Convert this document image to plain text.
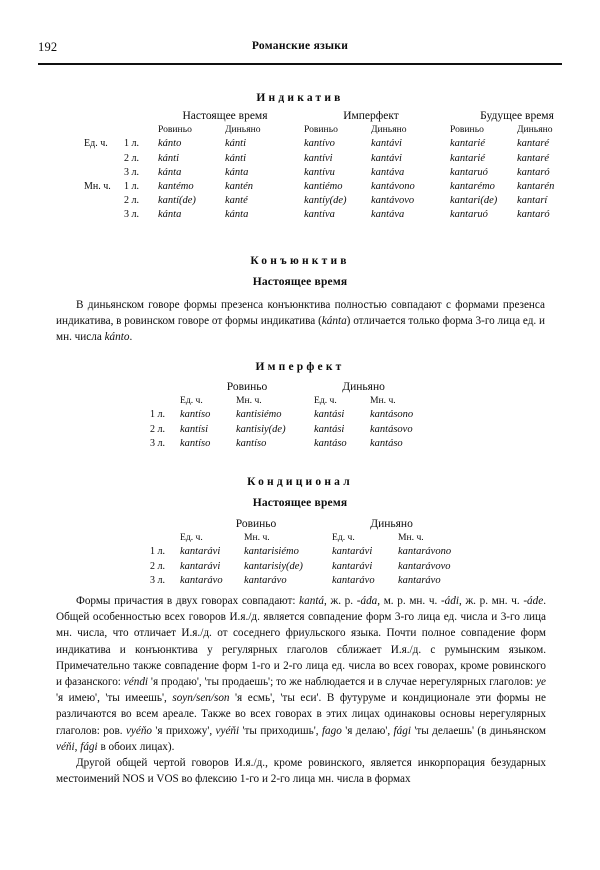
192	Романские языки
Индикатив
		Настоящее время			Имперфект			Будущее время	
		Ровиньо	Диньяно		Ровиньо	Диньяно		Ровиньо	Диньяно
Ед. ч.	1 л.	kánto	kánti		kantívo	kantávi		kantarié	kantaré
	2 л.	kánti	kánti		kantívi	kantávi		kantarié	kantaré
	3 л.	kánta	kánta		kantívu	kantáva		kantaruó	kantaró
Мн. ч.	1 л.	kantémo	kantén		kantiémo	kantávono		kantarémo	kantarén
	2 л.	kantí(de)	kanté		kantíy(de)	kantávovo		kantari(de)	kantarí
	3 л.	kánta	kánta		kantíva	kantáva		kantaruó	kantaró
Конъюнктив
Настоящее время
В диньянском говоре формы презенса конъюнктива полностью совпадают с формами презенса индикатива, в ровинском говоре от формы индикатива (kánta) отличается только форма 3-го лица ед. и мн. числа kánto.
Имперфект
	Ровиньо		Диньяно	
	Ед. ч.	Мн. ч.	Ед. ч.	Мн. ч.
1 л.	kantíso	kantisiémo	kantási	kantásono
2 л.	kantísi	kantisiy(de)	kantási	kantásovo
3 л.	kantíso	kantíso	kantáso	kantáso
Кондиционал
Настоящее время
	Ровиньо		Диньяно	
	Ед. ч.	Мн. ч.	Ед. ч.	Мн. ч.
1 л.	kantarávi	kantarisiémo	kantarávi	kantarávono
2 л.	kantarávi	kantarisiy(de)	kantarávi	kantarávovo
3 л.	kantarávo	kantarávo	kantarávo	kantarávo

Формы причастия в двух говорах совпадают: kantá, ж. р. -áda, м. р. мн. ч. -ádi, ж. р. мн. ч. -áde. Общей особенностью всех говоров И.я./д. является совпадение форм 3-го лица ед. числа и 3-го лица мн. числа, что отличает И.я./д. от соседнего фриульского языка. Почти полное совпадение форм индикатива и конъюнктива у регулярных глаголов сближает И.я./д. с румынским языком. Примечательно также совпадение форм 1-го и 2-го лица ед. числа во всех говорах, кроме ровинского и фазанского: véndi 'я продаю', 'ты продаешь'; то же наблюдается и в случае нерегулярных глаголов: ye 'я имею', 'ты имеешь', soyn/sen/son 'я есмь', 'ты еси'. В футуруме и кондиционале эти формы не различаются во всем ареале. Также во всех говорах в этих лицах одинаковы основы нерегулярных глаголов: ров. vyéňo 'я прихожу', vyéňi 'ты приходишь', fago 'я делаю', fági 'ты делаешь' (в диньянском véňi, fági в обоих лицах).

Другой общей чертой говоров И.я./д., кроме ровинского, является инкорпорация безударных местоимений NOS и VOS во флексию 1-го и 2-го лица мн. числа в формах
